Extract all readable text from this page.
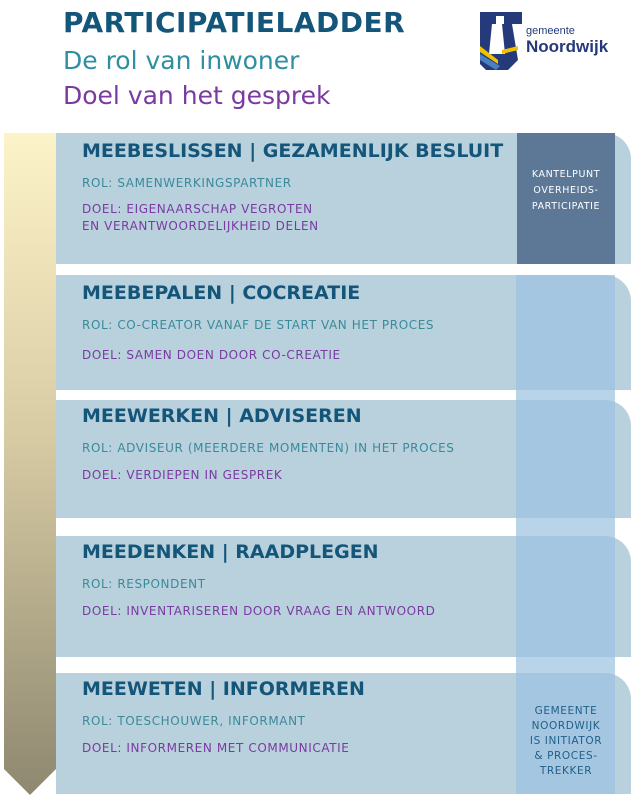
PARTICIPATIELADDER
De rol van inwoner
Doel van het gesprek
gemeente
Noordwijk
MEEBESLISSEN | GEZAMENLIJK BESLUIT
ROL: SAMENWERKINGSPARTNER
DOEL: EIGENAARSCHAP VEGROTEN
EN VERANTWOORDELIJKHEID DELEN
MEEBEPALEN | COCREATIE
ROL: CO-CREATOR VANAF DE START VAN HET PROCES
DOEL: SAMEN DOEN DOOR CO-CREATIE
MEEWERKEN | ADVISEREN
ROL: ADVISEUR (MEERDERE MOMENTEN) IN HET PROCES
DOEL: VERDIEPEN IN GESPREK
MEEDENKEN | RAADPLEGEN
ROL: RESPONDENT
DOEL: INVENTARISEREN DOOR VRAAG EN ANTWOORD
MEEWETEN | INFORMEREN
ROL: TOESCHOUWER, INFORMANT
DOEL: INFORMEREN MET COMMUNICATIE
KANTELPUNT
OVERHEIDS-
PARTICIPATIE
GEMEENTE
NOORDWIJK
IS INITIATOR
& PROCES-
TREKKER
